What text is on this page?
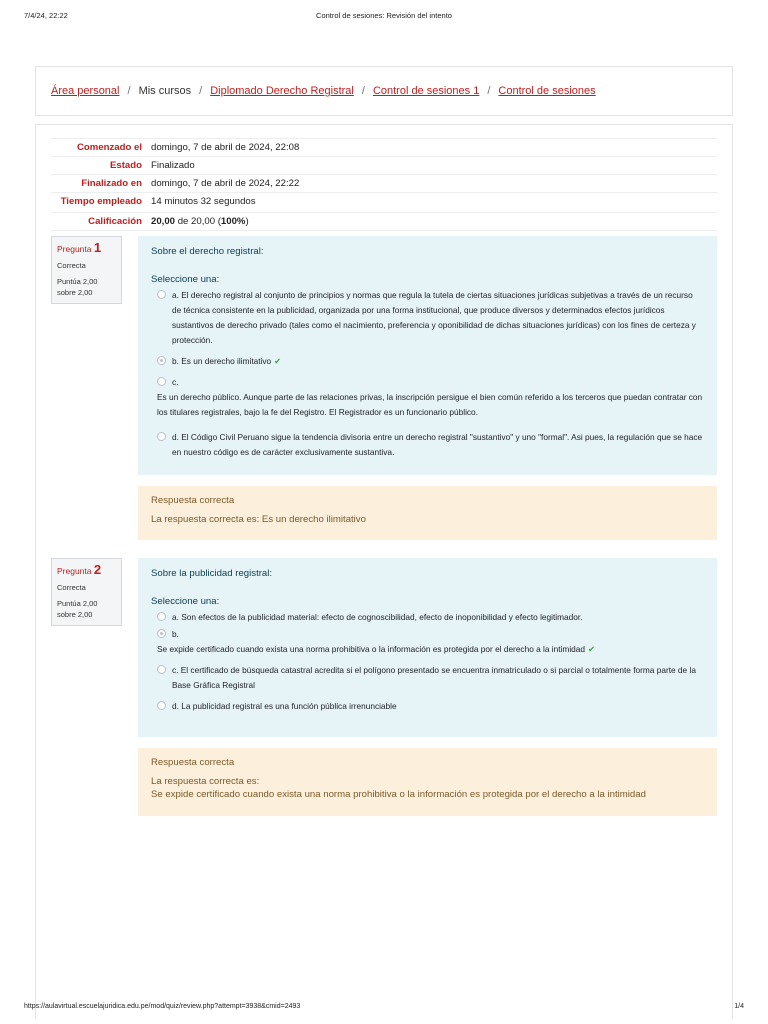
7/4/24, 22:22	Control de sesiones: Revisión del intento
Área personal / Mis cursos / Diplomado Derecho Registral / Control de sesiones 1 / Control de sesiones
Comenzado el domingo, 7 de abril de 2024, 22:08
Estado Finalizado
Finalizado en domingo, 7 de abril de 2024, 22:22
Tiempo empleado 14 minutos 32 segundos
Calificación 20,00 de 20,00 (100%)
Pregunta 1
Correcta
Puntúa 2,00 sobre 2,00
Sobre el derecho registral:
Seleccione una:
a. El derecho registral al conjunto de principios y normas que regula la tutela de ciertas situaciones jurídicas subjetivas a través de un recurso de técnica consistente en la publicidad, organizada por una forma institucional, que produce diversos y determinados efectos jurídicos sustantivos de derecho privado (tales como el nacimiento, preferencia y oponibilidad de dichas situaciones jurídicas) con los fines de certeza y protección.
b. Es un derecho ilimitativo ✔
c.
Es un derecho público. Aunque parte de las relaciones privas, la inscripción persigue el bien común referido a los terceros que puedan contratar con los titulares registrales, bajo la fe del Registro. El Registrador es un funcionario público.
d. El Código Civil Peruano sigue la tendencia divisoria entre un derecho registral "sustantivo" y uno "formal". Asi pues, la regulación que se hace en nuestro código es de carácter exclusivamente sustantiva.
Respuesta correcta
La respuesta correcta es: Es un derecho ilimitativo
Pregunta 2
Correcta
Puntúa 2,00 sobre 2,00
Sobre la publicidad registral:
Seleccione una:
a. Son efectos de la publicidad material: efecto de cognoscibilidad, efecto de inoponibilidad y efecto legitimador.
b.
Se expide certificado cuando exista una norma prohibitiva o la información es protegida por el derecho a la intimidad ✔
c. El certificado de búsqueda catastral acredita si el polígono presentado se encuentra inmatriculado o si parcial o totalmente forma parte de la Base Gráfica Registral
d. La publicidad registral es una función pública irrenunciable
Respuesta correcta
La respuesta correcta es:
Se expide certificado cuando exista una norma prohibitiva o la información es protegida por el derecho a la intimidad
https://aulavirtual.escuelajuridica.edu.pe/mod/quiz/review.php?attempt=3938&cmid=2493	1/4
